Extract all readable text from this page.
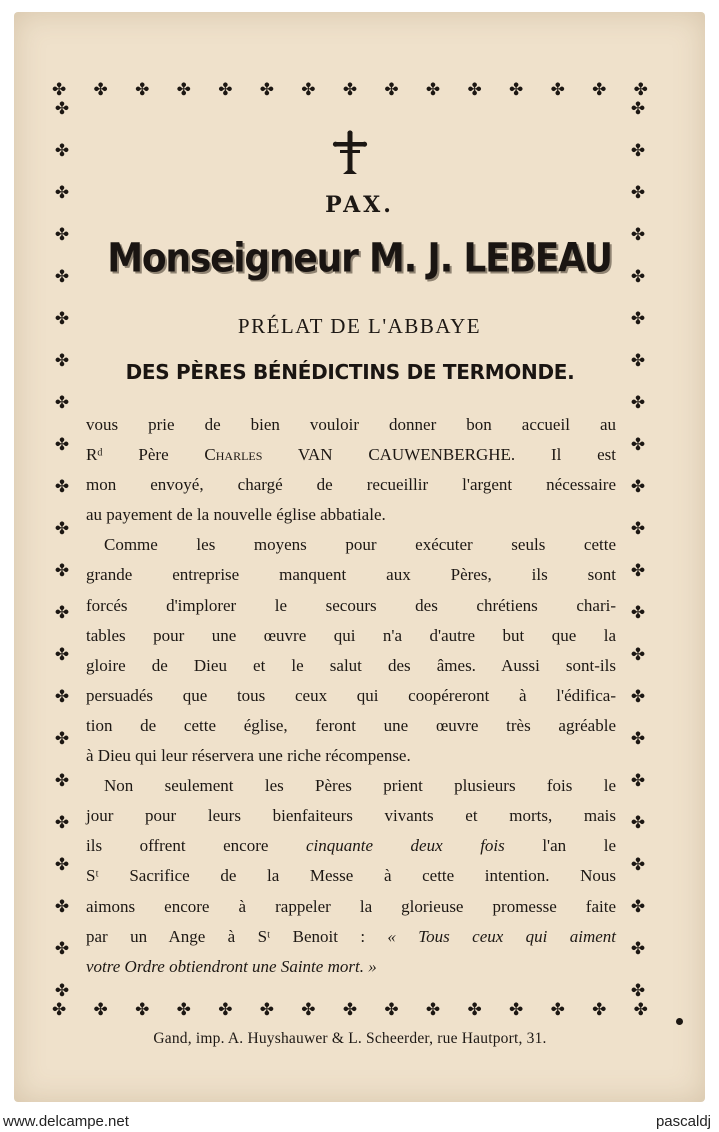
✤ ✤ ✤ ✤ ✤ ✤ ✤ ✤ ✤ ✤ ✤ ✤ ✤ ✤ ✤
✤ ✤ ✤ ✤ ✤ ✤ ✤ ✤ ✤ ✤ ✤ ✤ ✤ ✤ ✤
✤
✤
✤
✤
✤
✤
✤
✤
✤
✤
✤
✤
✤
✤
✤
✤
✤
✤
✤
✤
✤
✤
✤
✤
✤
✤
✤
✤
✤
✤
✤
✤
✤
✤
✤
✤
✤
✤
✤
✤
✤
✤
✤
✤
PAX.
Monseigneur M. J. LEBEAU
PRÉLAT DE L'ABBAYE
DES PÈRES BÉNÉDICTINS DE TERMONDE.
vous prie de bien vouloir donner bon accueil au
Rᵈ Père Charles VAN CAUWENBERGHE. Il est
mon envoyé, chargé de recueillir l'argent nécessaire
au payement de la nouvelle église abbatiale.
Comme les moyens pour exécuter seuls cette
grande entreprise manquent aux Pères, ils sont
forcés d'implorer le secours des chrétiens chari-
tables pour une œuvre qui n'a d'autre but que la
gloire de Dieu et le salut des âmes. Aussi sont-ils
persuadés que tous ceux qui coopéreront à l'édifica-
tion de cette église, feront une œuvre très agréable
à Dieu qui leur réservera une riche récompense.
Non seulement les Pères prient plusieurs fois le
jour pour leurs bienfaiteurs vivants et morts, mais
ils offrent encore cinquante deux fois l'an le
Sᵗ Sacrifice de la Messe à cette intention. Nous
aimons encore à rappeler la glorieuse promesse faite
par un Ange à Sᵗ Benoit : « Tous ceux qui aiment
votre Ordre obtiendront une Sainte mort. »
Gand, imp. A. Huyshauwer & L. Scheerder, rue Hautport, 31.
www.delcampe.net	pascaldj
